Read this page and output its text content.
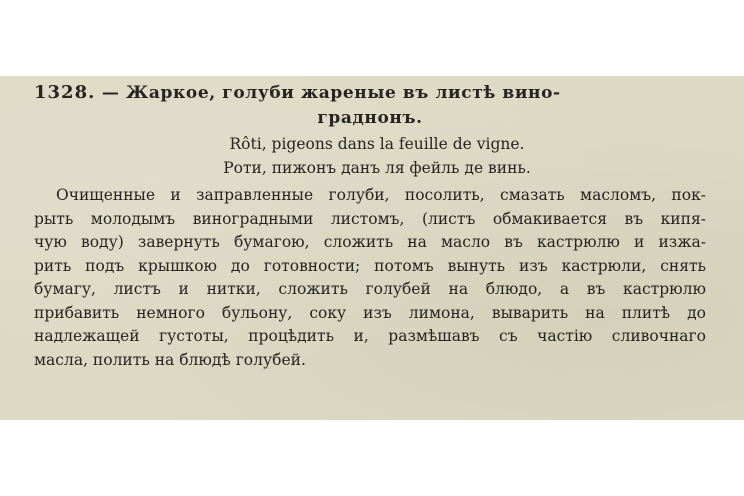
1328. — Жаркое, голуби жареные въ листѣ вино-

граднонъ.

Rôti, pigeons dans la feuille de vigne.

Роти, пижонъ данъ ля фейль де винь.

Очищенные и заправленные голуби, посолить, смазать масломъ, пок-

рыть молодымъ виноградными листомъ, (листъ обмакивается въ кипя-

чую воду) завернуть бумагою, сложить на масло въ кастрюлю и изжа-

рить подъ крышкою до готовности; потомъ вынуть изъ кастрюли, снять

бумагу, листъ и нитки, сложить голубей на блюдо, а въ кастрюлю

прибавить немного бульону, соку изъ лимона, выварить на плитѣ до

надлежащей густоты, процѣдить и, размѣшавъ съ частію сливочнаго

масла, полить на блюдѣ голубей.
